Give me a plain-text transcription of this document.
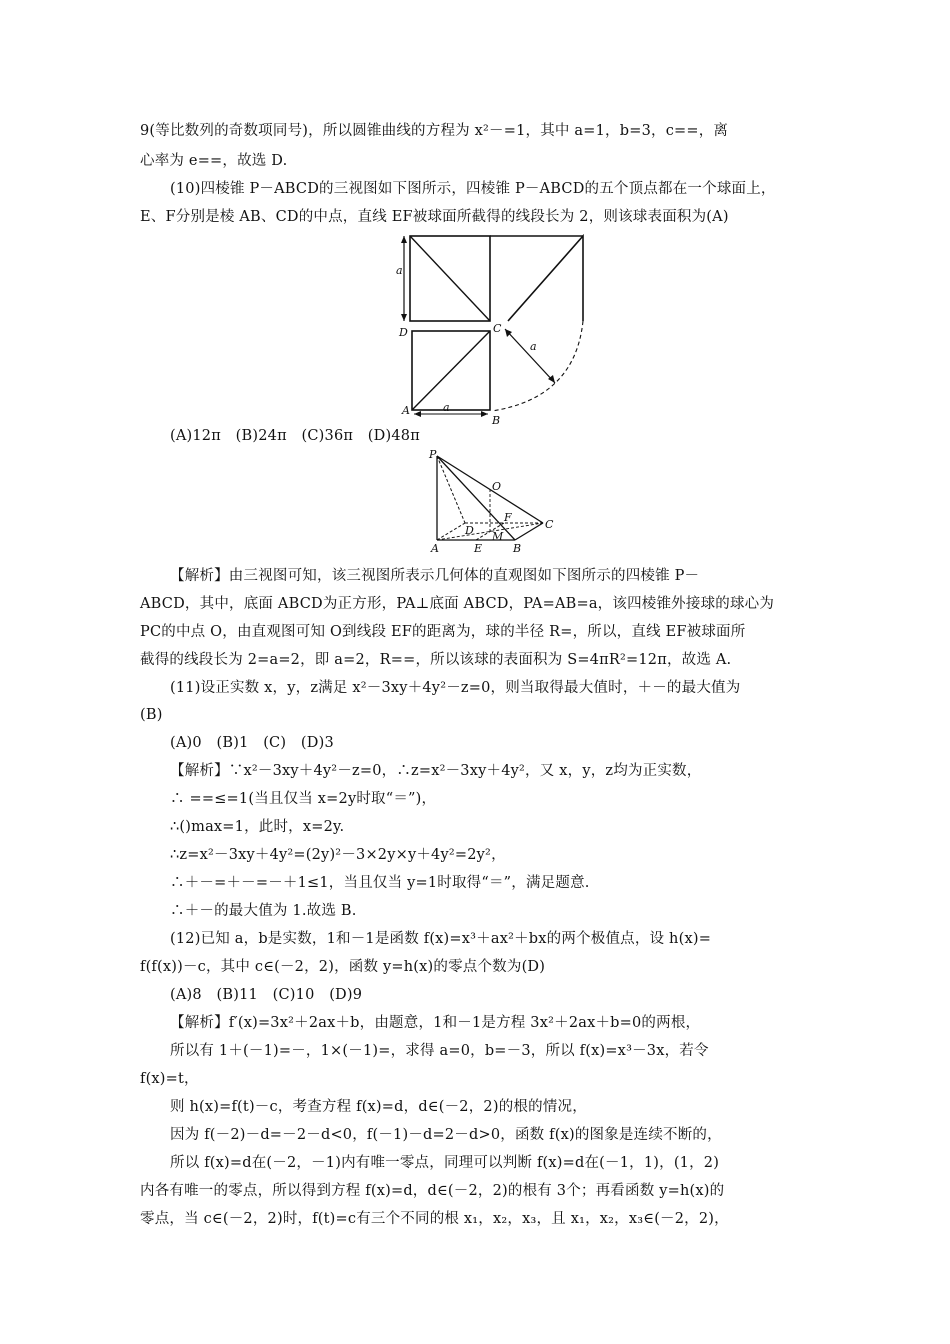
9(等比数列的奇数项同号)，所以圆锥曲线的方程为 x²－=1，其中 a=1，b=3，c==，离
心率为 e==，故选 D.
(10)四棱锥 P－ABCD的三视图如下图所示，四棱锥 P－ABCD的五个顶点都在一个球面上，
E、F分别是棱 AB、CD的中点，直线 EF被球面所截得的线段长为 2，则该球表面积为(A)
a
D	C
A
B
a
a
(A)12π　(B)24π　(C)36π　(D)48π
P
O
F
C
D M
A	E	B
【解析】由三视图可知，该三视图所表示几何体的直观图如下图所示的四棱锥 P－
ABCD，其中，底面 ABCD为正方形，PA⊥底面 ABCD，PA=AB=a，该四棱锥外接球的球心为
PC的中点 O，由直观图可知 O到线段 EF的距离为，球的半径 R=，所以，直线 EF被球面所
截得的线段长为 2=a=2，即 a=2，R==，所以该球的表面积为 S=4πR²=12π，故选 A.
(11)设正实数 x，y，z满足 x²－3xy＋4y²－z=0，则当取得最大值时，＋－的最大值为
(B)
(A)0　(B)1　(C)　(D)3
【解析】∵x²－3xy＋4y²－z=0，∴z=x²－3xy＋4y²，又 x，y，z均为正实数，
∴ ==≤=1(当且仅当 x=2y时取“＝”)，
∴()max=1，此时，x=2y.
∴z=x²－3xy＋4y²=(2y)²－3×2y×y＋4y²=2y²，
∴＋－=＋－=－＋1≤1，当且仅当 y=1时取得“＝”，满足题意.
∴＋－的最大值为 1.故选 B.
(12)已知 a，b是实数，1和－1是函数 f(x)=x³＋ax²＋bx的两个极值点，设 h(x)=
f(f(x))－c，其中 c∈(－2，2)，函数 y=h(x)的零点个数为(D)
(A)8　(B)11　(C)10　(D)9
【解析】f′(x)=3x²＋2ax＋b，由题意，1和－1是方程 3x²＋2ax＋b=0的两根，
所以有 1＋(－1)=－，1×(－1)=，求得 a=0，b=－3，所以 f(x)=x³－3x，若令
f(x)=t，
则 h(x)=f(t)－c，考查方程 f(x)=d，d∈(－2，2)的根的情况，
因为 f(－2)－d=－2－d<0，f(－1)－d=2－d>0，函数 f(x)的图象是连续不断的，
所以 f(x)=d在(－2，－1)内有唯一零点，同理可以判断 f(x)=d在(－1，1)，(1，2)
内各有唯一的零点，所以得到方程 f(x)=d，d∈(－2，2)的根有 3个；再看函数 y=h(x)的
零点，当 c∈(－2，2)时，f(t)=c有三个不同的根 x₁，x₂，x₃，且 x₁，x₂，x₃∈(－2，2)，
